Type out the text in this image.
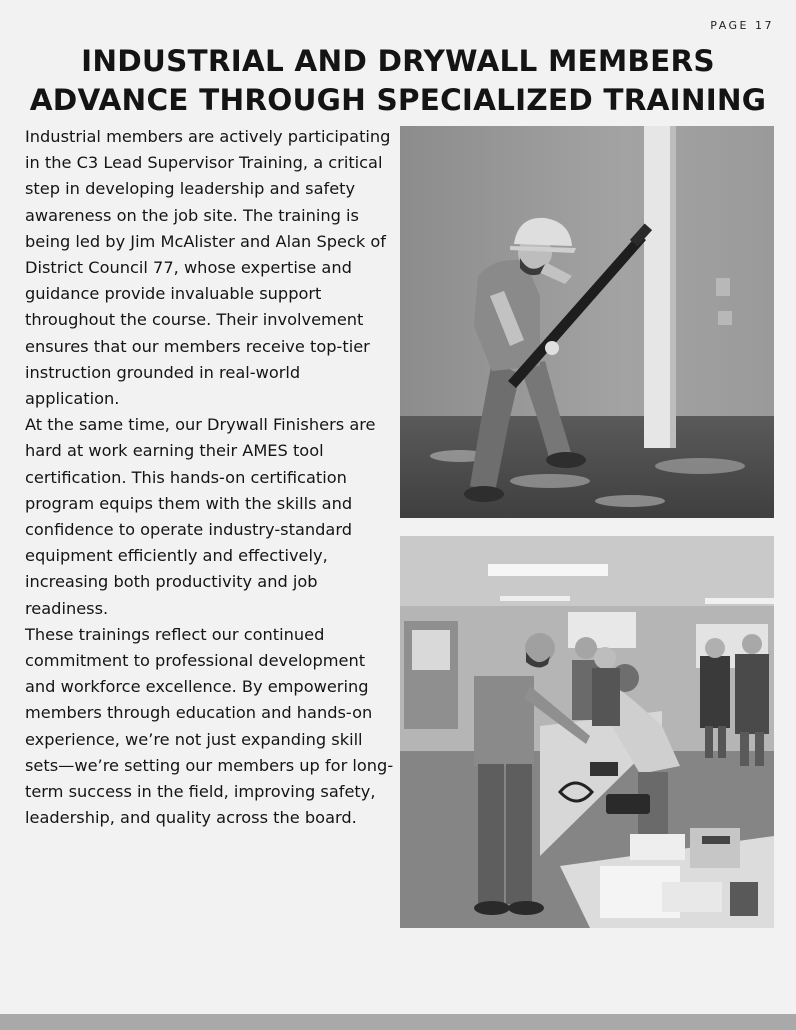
PAGE 17
INDUSTRIAL AND DRYWALL MEMBERS
ADVANCE THROUGH SPECIALIZED TRAINING

Industrial members are actively participating in the C3 Lead Supervisor Training, a critical step in developing leadership and safety awareness on the job site. The training is being led by Jim McAlister and Alan Speck of District Council 77, whose expertise and guidance provide invaluable support throughout the course. Their involvement ensures that our members receive top-tier instruction grounded in real-world application.

At the same time, our Drywall Finishers are hard at work earning their AMES tool certification. This hands-on certification program equips them with the skills and confidence to operate industry-standard equipment efficiently and effectively, increasing both productivity and job readiness.

These trainings reflect our continued commitment to professional development and workforce excellence. By empowering members through education and hands-on experience, we’re not just expanding skill sets—we’re setting our members up for long-term success in the field, improving safety, leadership, and quality across the board.
